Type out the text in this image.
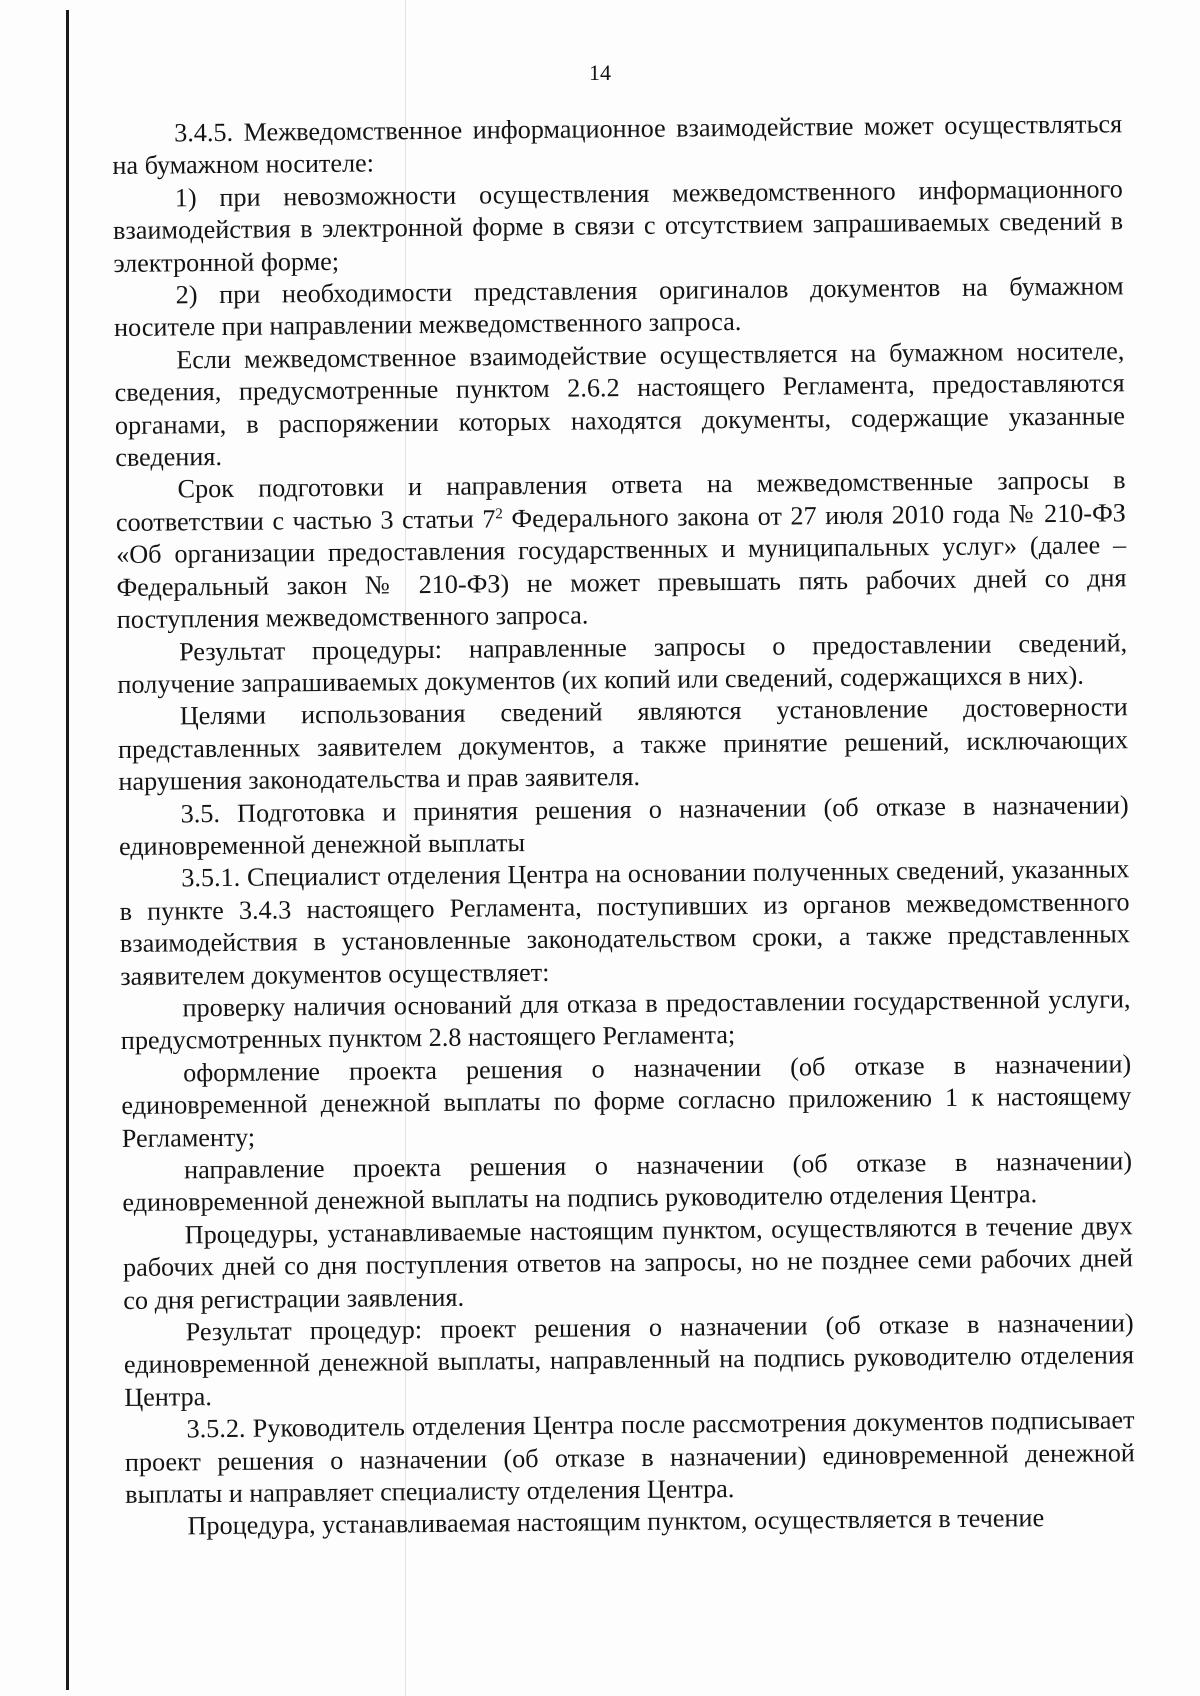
14

3.4.5. Межведомственное информационное взаимодействие может осуществляться на бумажном носителе:

1) при невозможности осуществления межведомственного информационного взаимодействия в электронной форме в связи с отсутствием запрашиваемых сведений в электронной форме;

2) при необходимости представления оригиналов документов на бумажном носителе при направлении межведомственного запроса.

Если межведомственное взаимодействие осуществляется на бумажном носителе, сведения, предусмотренные пунктом 2.6.2 настоящего Регламента, предоставляются органами, в распоряжении которых находятся документы, содержащие указанные сведения.

Срок подготовки и направления ответа на межведомственные запросы в соответствии с частью 3 статьи $7^2$ Федерального закона от 27 июля 2010 года № 210-ФЗ «Об организации предоставления государственных и муниципальных услуг» (далее – Федеральный закон № 210-ФЗ) не может превышать пять рабочих дней со дня поступления межведомственного запроса.

Результат процедуры: направленные запросы о предоставлении сведений, получение запрашиваемых документов (их копий или сведений, содержащихся в них).

Целями использования сведений являются установление достоверности представленных заявителем документов, а также принятие решений, исключающих нарушения законодательства и прав заявителя.

3.5. Подготовка и принятия решения о назначении (об отказе в назначении) единовременной денежной выплаты

3.5.1. Специалист отделения Центра на основании полученных сведений, указанных в пункте 3.4.3 настоящего Регламента, поступивших из органов межведомственного взаимодействия в установленные законодательством сроки, а также представленных заявителем документов осуществляет:

проверку наличия оснований для отказа в предоставлении государственной услуги, предусмотренных пунктом 2.8 настоящего Регламента;

оформление проекта решения о назначении (об отказе в назначении) единовременной денежной выплаты по форме согласно приложению 1 к настоящему Регламенту;

направление проекта решения о назначении (об отказе в назначении) единовременной денежной выплаты на подпись руководителю отделения Центра.

Процедуры, устанавливаемые настоящим пунктом, осуществляются в течение двух рабочих дней со дня поступления ответов на запросы, но не позднее семи рабочих дней со дня регистрации заявления.

Результат процедур: проект решения о назначении (об отказе в назначении) единовременной денежной выплаты, направленный на подпись руководителю отделения Центра.

3.5.2. Руководитель отделения Центра после рассмотрения документов подписывает проект решения о назначении (об отказе в назначении) единовременной денежной выплаты и направляет специалисту отделения Центра.

Процедура, устанавливаемая настоящим пунктом, осуществляется в течение
